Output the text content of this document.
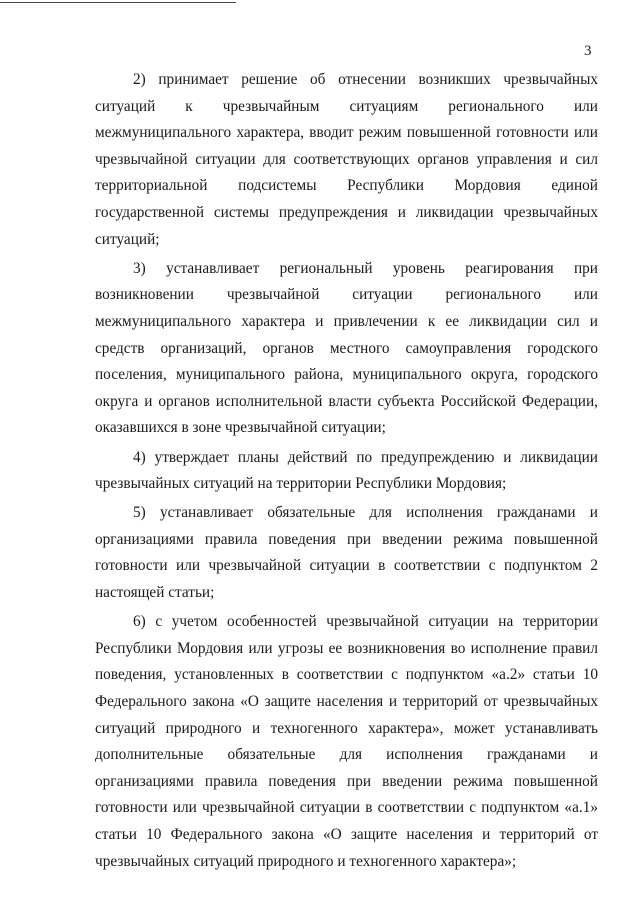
3

2) принимает решение об отнесении возникших чрезвычайных ситуаций к чрезвычайным ситуациям регионального или межмуниципального характера, вводит режим повышенной готовности или чрезвычайной ситуации для соответствующих органов управления и сил территориальной подсистемы Республики Мордовия единой государственной системы предупреждения и ликвидации чрезвычайных ситуаций;

3) устанавливает региональный уровень реагирования при возникновении чрезвычайной ситуации регионального или межмуниципального характера и привлечении к ее ликвидации сил и средств организаций, органов местного самоуправления городского поселения, муниципального района, муниципального округа, городского округа и органов исполнительной власти субъекта Российской Федерации, оказавшихся в зоне чрезвычайной ситуации;

4) утверждает планы действий по предупреждению и ликвидации чрезвычайных ситуаций на территории Республики Мордовия;

5) устанавливает обязательные для исполнения гражданами и организациями правила поведения при введении режима повышенной готовности или чрезвычайной ситуации в соответствии с подпунктом 2 настоящей статьи;

6) с учетом особенностей чрезвычайной ситуации на территории Республики Мордовия или угрозы ее возникновения во исполнение правил поведения, установленных в соответствии с подпунктом «а.2» статьи 10 Федерального закона «О защите населения и территорий от чрезвычайных ситуаций природного и техногенного характера», может устанавливать дополнительные обязательные для исполнения гражданами и организациями правила поведения при введении режима повышенной готовности или чрезвычайной ситуации в соответствии с подпунктом «а.1» статьи 10 Федерального закона «О защите населения и территорий от чрезвычайных ситуаций природного и техногенного характера»;
